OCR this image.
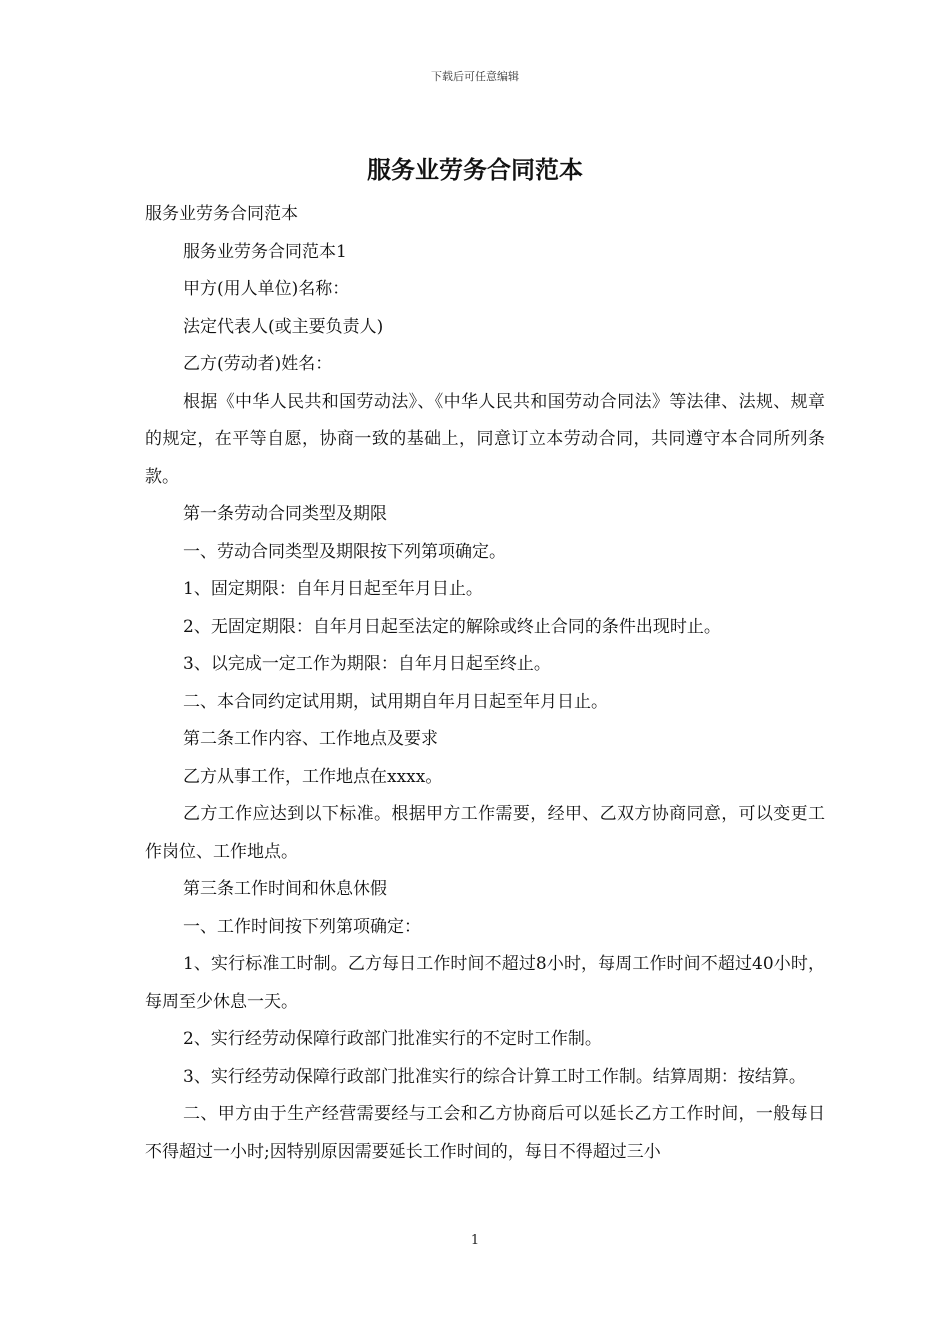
下载后可任意编辑
服务业劳务合同范本

服务业劳务合同范本

服务业劳务合同范本1

甲方(用人单位)名称：

法定代表人(或主要负责人)

乙方(劳动者)姓名：

根据《中华人民共和国劳动法》、《中华人民共和国劳动合同法》等法律、法规、规章的规定，在平等自愿，协商一致的基础上，同意订立本劳动合同，共同遵守本合同所列条款。

第一条劳动合同类型及期限

一、劳动合同类型及期限按下列第项确定。

1、固定期限：自年月日起至年月日止。

2、无固定期限：自年月日起至法定的解除或终止合同的条件出现时止。

3、以完成一定工作为期限：自年月日起至终止。

二、本合同约定试用期，试用期自年月日起至年月日止。

第二条工作内容、工作地点及要求

乙方从事工作，工作地点在xxxx。

乙方工作应达到以下标准。根据甲方工作需要，经甲、乙双方协商同意，可以变更工作岗位、工作地点。

第三条工作时间和休息休假

一、工作时间按下列第项确定：

1、实行标准工时制。乙方每日工作时间不超过8小时，每周工作时间不超过40小时，每周至少休息一天。

2、实行经劳动保障行政部门批准实行的不定时工作制。

3、实行经劳动保障行政部门批准实行的综合计算工时工作制。结算周期：按结算。

二、甲方由于生产经营需要经与工会和乙方协商后可以延长乙方工作时间，一般每日不得超过一小时;因特别原因需要延长工作时间的，每日不得超过三小

1
